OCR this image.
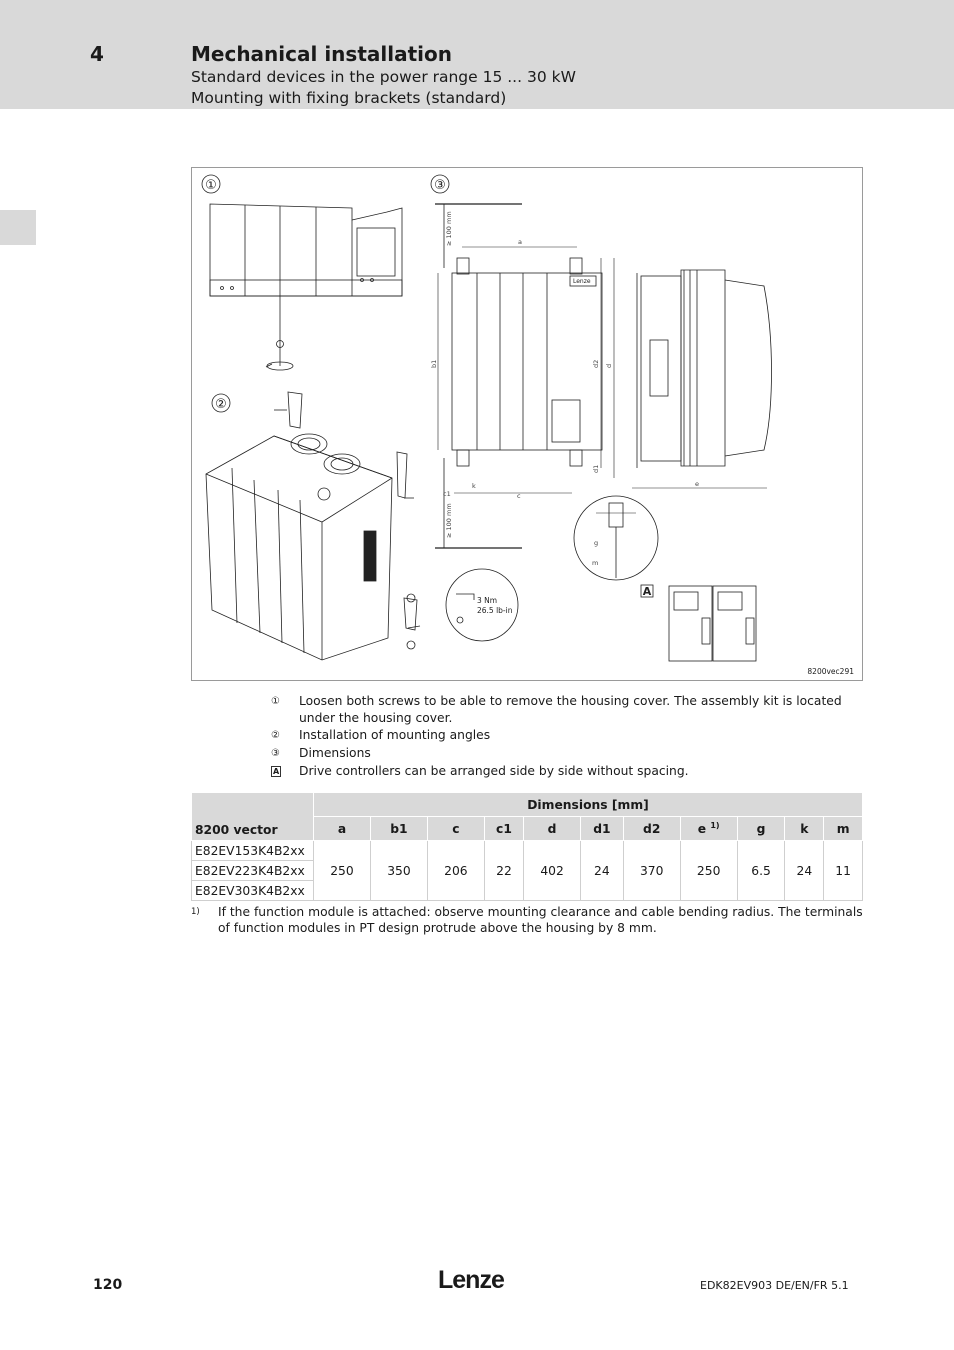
4	Mechanical installation
Standard devices in the power range 15 ... 30 kW
Mounting with fixing brackets (standard)
①	③
②
3 Nm
26.5 lb-in
≥ 100 mm
≥ 100 mm
a
Lenze
b1
c
c1
k
d2 d
d1
g
m
e
A
8200vec291
①	Loosen both screws to be able to remove the housing cover. The assembly kit is located under the housing cover.
②	Installation of mounting angles
③	Dimensions
A	Drive controllers can be arranged side by side without spacing.
8200 vector	Dimensions [mm]										
	a	b1	c	c1	d	d1	d2	e $^{1)}$	g	k	m
E82EV153K4B2xx	250	350	206	22	402	24	370	250	6.5	24	11
E82EV223K4B2xx											
E82EV303K4B2xx											
1)	If the function module is attached: observe mounting clearance and cable bending radius. The terminals of function modules in PT design protrude above the housing by 8 mm.
120	Lenze	EDK82EV903 DE/EN/FR 5.1
